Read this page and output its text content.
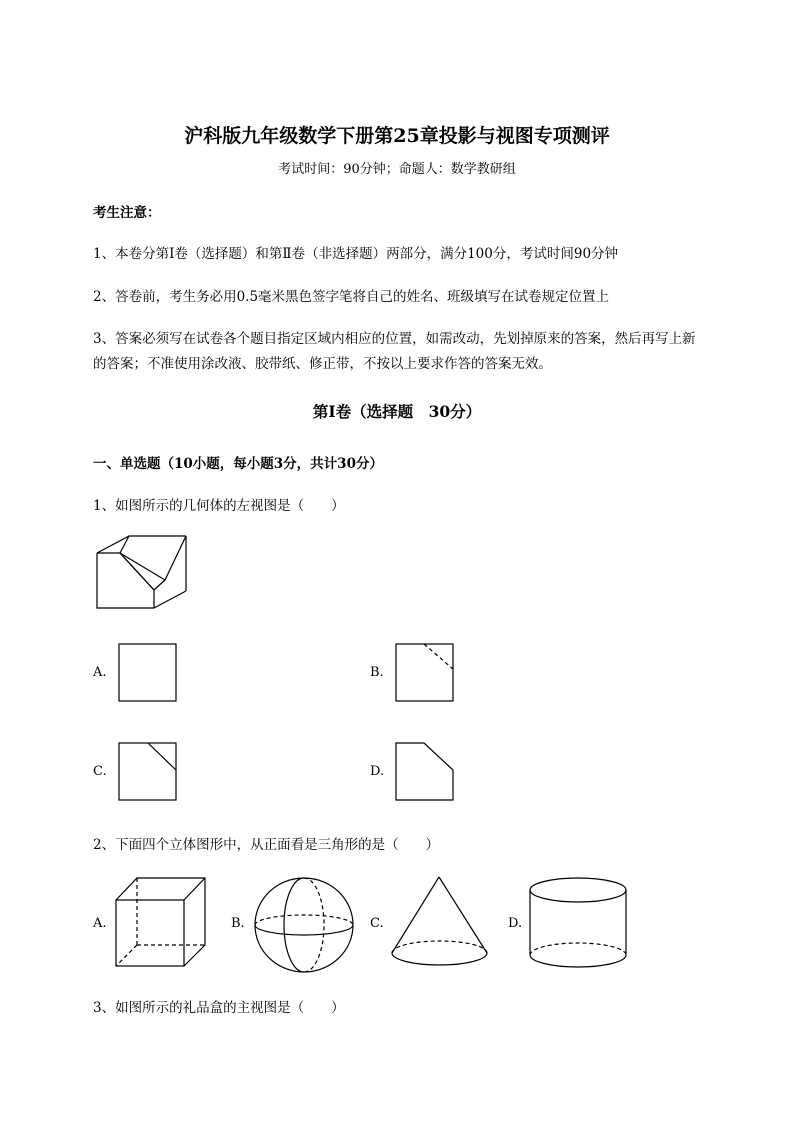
沪科版九年级数学下册第25章投影与视图专项测评
考试时间：90分钟；命题人：数学教研组
考生注意：
1、本卷分第I卷（选择题）和第Ⅱ卷（非选择题）两部分，满分100分，考试时间90分钟
2、答卷前，考生务必用0.5毫米黑色签字笔将自己的姓名、班级填写在试卷规定位置上
3、答案必须写在试卷各个题目指定区域内相应的位置，如需改动，先划掉原来的答案，然后再写上新
的答案；不准使用涂改液、胶带纸、修正带，不按以上要求作答的答案无效。
第I卷（选择题　30分）
一、单选题（10小题，每小题3分，共计30分）
1、如图所示的几何体的左视图是（　　）
A.	B.
C.	D.
2、下面四个立体图形中，从正面看是三角形的是（　　）
A.	B.	C.	D.
3、如图所示的礼品盒的主视图是（　　）
